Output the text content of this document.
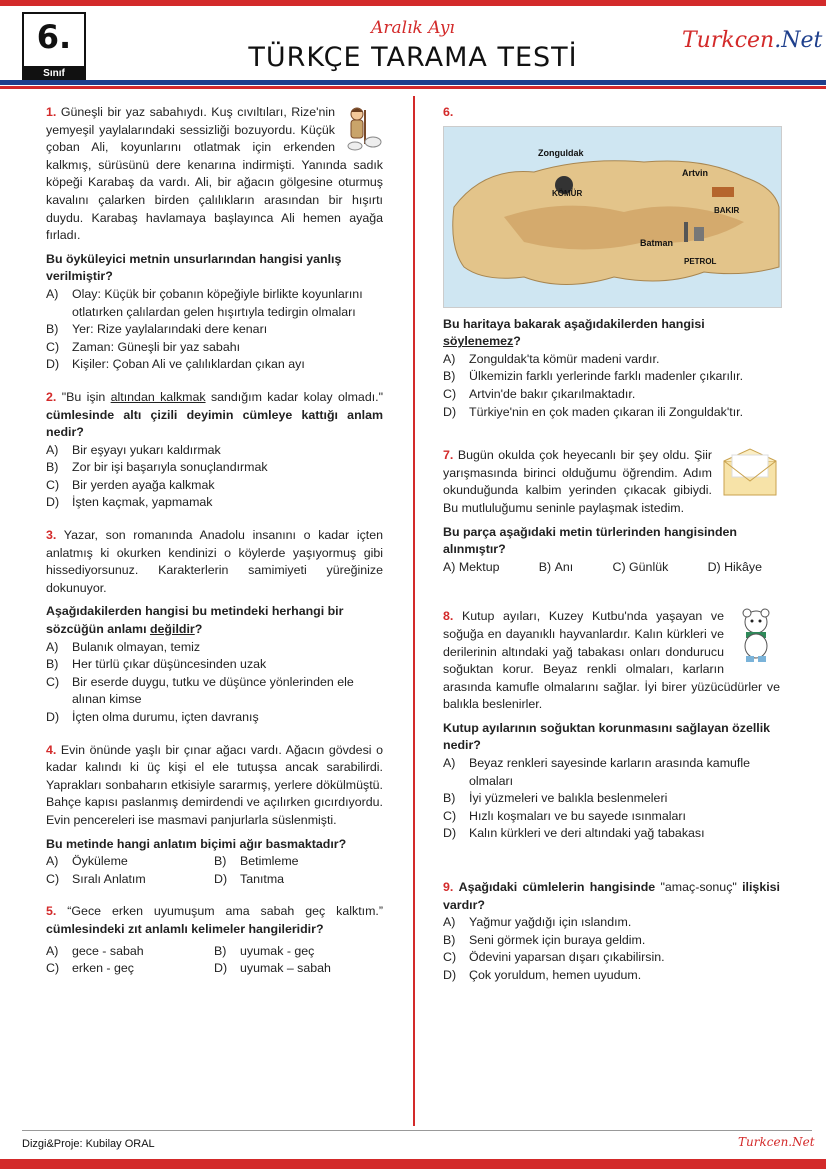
6.
Sınıf
Aralık Ayı
TÜRKÇE TARAMA TESTİ
Turkcen.Net
1. Güneşli bir yaz sabahıydı. Kuş cıvıltıları, Rize'nin yemyeşil yaylalarındaki sessizliği bozuyordu. Küçük çoban Ali, koyunlarını otlatmak için erkenden kalkmış, sürüsünü dere kenarına indirmişti. Yanında sadık köpeği Karabaş da vardı. Ali, bir ağacın gölgesine oturmuş kavalını çalarken birden çalılıkların arasından bir hışırtı duydu. Karabaş havlamaya başlayınca Ali hemen ayağa fırladı.
Bu öyküleyici metnin unsurlarından hangisi yanlış verilmiştir?
A)	Olay: Küçük bir çobanın köpeğiyle birlikte koyunlarını otlatırken çalılardan gelen hışırtıyla tedirgin olmaları
B)	Yer: Rize yaylalarındaki dere kenarı
C)	Zaman: Güneşli bir yaz sabahı
D)	Kişiler: Çoban Ali ve çalılıklardan çıkan ayı
2. "Bu işin altından kalkmak sandığım kadar kolay olmadı." cümlesinde altı çizili deyimin cümleye kattığı anlam nedir?
A)	Bir eşyayı yukarı kaldırmak
B)	Zor bir işi başarıyla sonuçlandırmak
C)	Bir yerden ayağa kalkmak
D)	İşten kaçmak, yapmamak
3. Yazar, son romanında Anadolu insanını o kadar içten anlatmış ki okurken kendinizi o köylerde yaşıyormuş gibi hissediyorsunuz. Karakterlerin samimiyeti yüreğinize dokunuyor.
Aşağıdakilerden hangisi bu metindeki herhangi bir sözcüğün anlamı değildir?
A)	Bulanık olmayan, temiz
B)	Her türlü çıkar düşüncesinden uzak
C)	Bir eserde duygu, tutku ve düşünce yönlerinden ele alınan kimse
D)	İçten olma durumu, içten davranış
4. Evin önünde yaşlı bir çınar ağacı vardı. Ağacın gövdesi o kadar kalındı ki üç kişi el ele tutuşsa ancak sarabilirdi. Yaprakları sonbaharın etkisiyle sararmış, yerlere dökülmüştü. Bahçe kapısı paslanmış demirdendi ve açılırken gıcırdıyordu. Evin pencereleri ise masmavi panjurlarla süslenmişti.
Bu metinde hangi anlatım biçimi ağır basmaktadır?
A)	Öyküleme	B)	Betimleme
C)	Sıralı Anlatım	D)	Tanıtma
5. “Gece erken uyumuşum ama sabah geç kalktım.” cümlesindeki zıt anlamlı kelimeler hangileridir?
A)	gece - sabah	B)	uyumak - geç
C)	erken - geç	D)	uyumak – sabah
6.
Zonguldak
KÖMÜR
Artvin
BAKIR
Batman
PETROL
Bu haritaya bakarak aşağıdakilerden hangisi söylenemez?
A)	Zonguldak'ta kömür madeni vardır.
B)	Ülkemizin farklı yerlerinde farklı madenler çıkarılır.
C)	Artvin'de bakır çıkarılmaktadır.
D)	Türkiye'nin en çok maden çıkaran ili Zonguldak'tır.
7. Bugün okulda çok heyecanlı bir şey oldu. Şiir yarışmasında birinci olduğumu öğrendim. Adım okunduğunda kalbim yerinden çıkacak gibiydi. Bu mutluluğumu seninle paylaşmak istedim.
Bu parça aşağıdaki metin türlerinden hangisinden alınmıştır?
A)
Mektup	B)
Anı	C)
Günlük	D)
Hikâye
8. Kutup ayıları, Kuzey Kutbu'nda yaşayan ve soğuğa en dayanıklı hayvanlardır. Kalın kürkleri ve derilerinin altındaki yağ tabakası onları dondurucu soğuktan korur. Beyaz renkli olmaları, karların arasında kamufle olmalarını sağlar. İyi birer yüzücüdürler ve balıkla beslenirler.
Kutup ayılarının soğuktan korunmasını sağlayan özellik nedir?
A)	Beyaz renkleri sayesinde karların arasında kamufle olmaları
B)	İyi yüzmeleri ve balıkla beslenmeleri
C)	Hızlı koşmaları ve bu sayede ısınmaları
D)	Kalın kürkleri ve deri altındaki yağ tabakası
9. Aşağıdaki cümlelerin hangisinde "amaç-sonuç" ilişkisi vardır?
A)	Yağmur yağdığı için ıslandım.
B)	Seni görmek için buraya geldim.
C)	Ödevini yaparsan dışarı çıkabilirsin.
D)	Çok yoruldum, hemen uyudum.
Dizgi&Proje: Kubilay ORAL	Turkcen.Net
